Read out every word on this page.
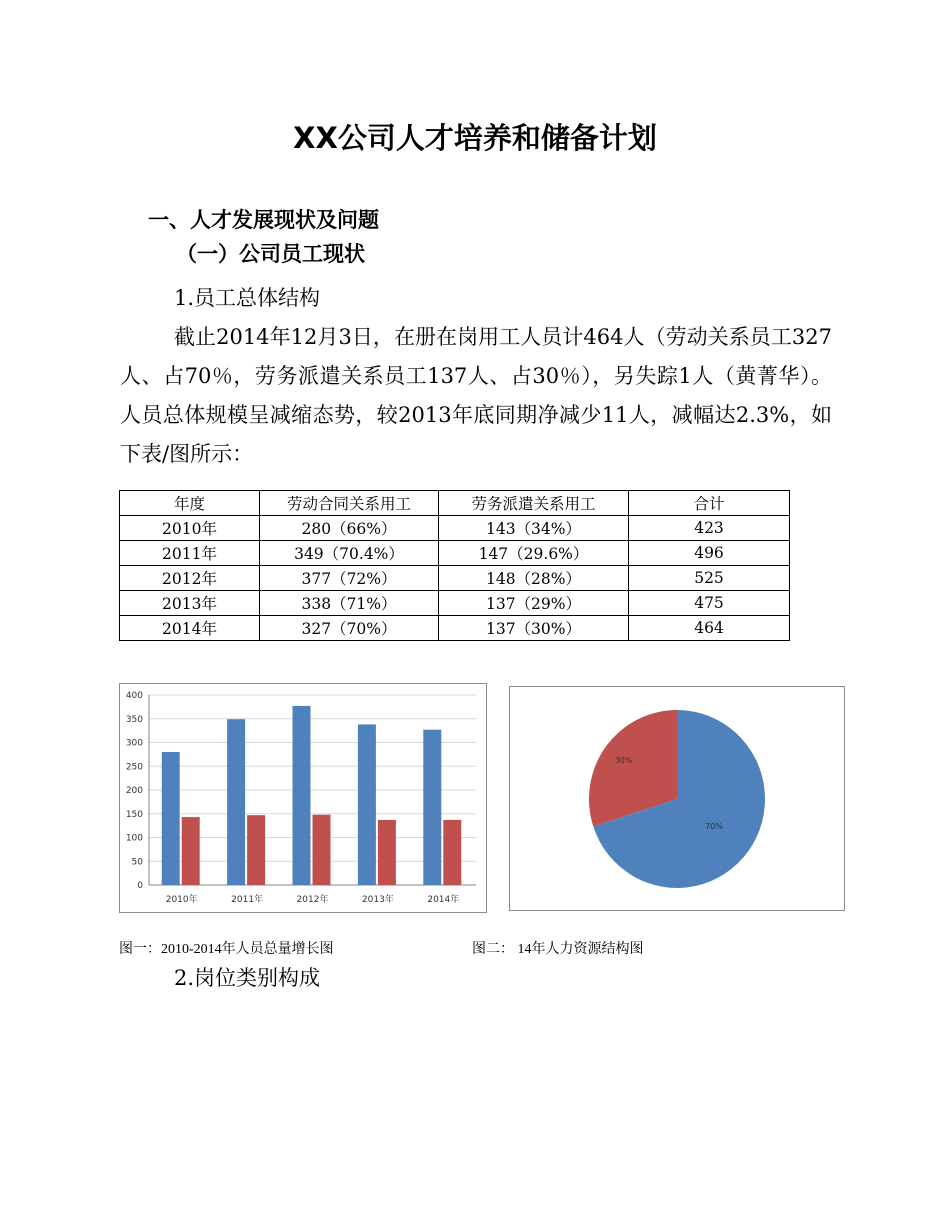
XX公司人才培养和储备计划
一、人才发展现状及问题
（一）公司员工现状
1.员工总体结构
截止2014年12月3日，在册在岗用工人员计464人（劳动关系员工327人、占70％，劳务派遣关系员工137人、占30％），另失踪1人（黄菁华）。人员总体规模呈减缩态势，较2013年底同期净减少11人，减幅达2.3%，如下表/图所示：
年度	劳动合同关系用工	劳务派遣关系用工	合计
2010年	280（66%）	143（34%）	423
2011年	349（70.4%）	147（29.6%）	496
2012年	377（72%）	148（28%）	525
2013年	338（71%）	137（29%）	475
2014年	327（70%）	137（30%）	464
0
50
100
150
200
250
300
350
400
2010年	2011年	2012年	2013年	2014年
70%
30%
图一：2010-2014年人员总量增长图	图二： 14年人力资源结构图
2.岗位类别构成
